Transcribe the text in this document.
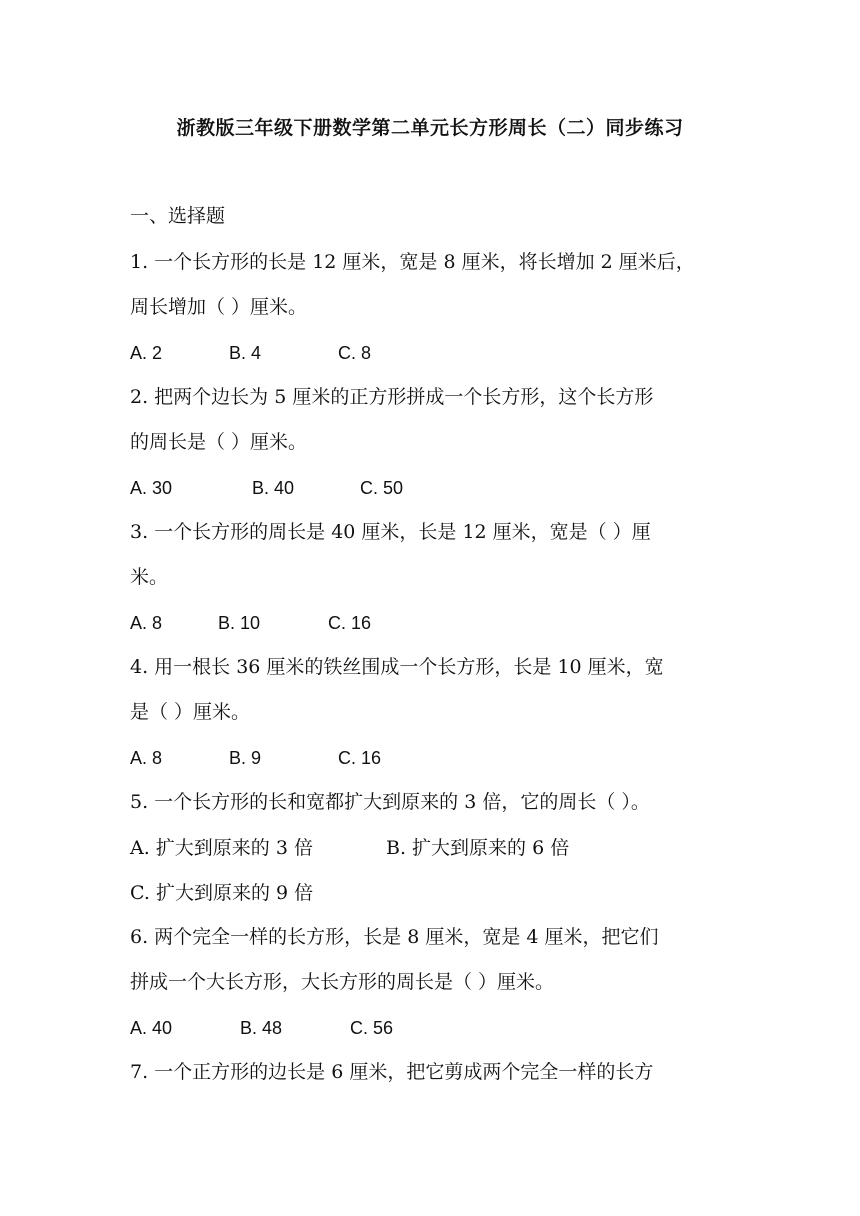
浙教版三年级下册数学第二单元长方形周长（二）同步练习
一、选择题
1. 一个长方形的长是 12 厘米，宽是 8 厘米，将长增加 2 厘米后，
周长增加（ ）厘米。
A. 2	B. 4	C. 8
2. 把两个边长为 5 厘米的正方形拼成一个长方形，这个长方形
的周长是（ ）厘米。
A. 30	B. 40	C. 50
3. 一个长方形的周长是 40 厘米，长是 12 厘米，宽是（ ）厘
米。
A. 8	B. 10	C. 16
4. 用一根长 36 厘米的铁丝围成一个长方形，长是 10 厘米，宽
是（ ）厘米。
A. 8	B. 9	C. 16
5. 一个长方形的长和宽都扩大到原来的 3 倍，它的周长（ ）。
A. 扩大到原来的 3 倍	B. 扩大到原来的 6 倍
C. 扩大到原来的 9 倍
6. 两个完全一样的长方形，长是 8 厘米，宽是 4 厘米，把它们
拼成一个大长方形，大长方形的周长是（ ）厘米。
A. 40	B. 48	C. 56
7. 一个正方形的边长是 6 厘米，把它剪成两个完全一样的长方
